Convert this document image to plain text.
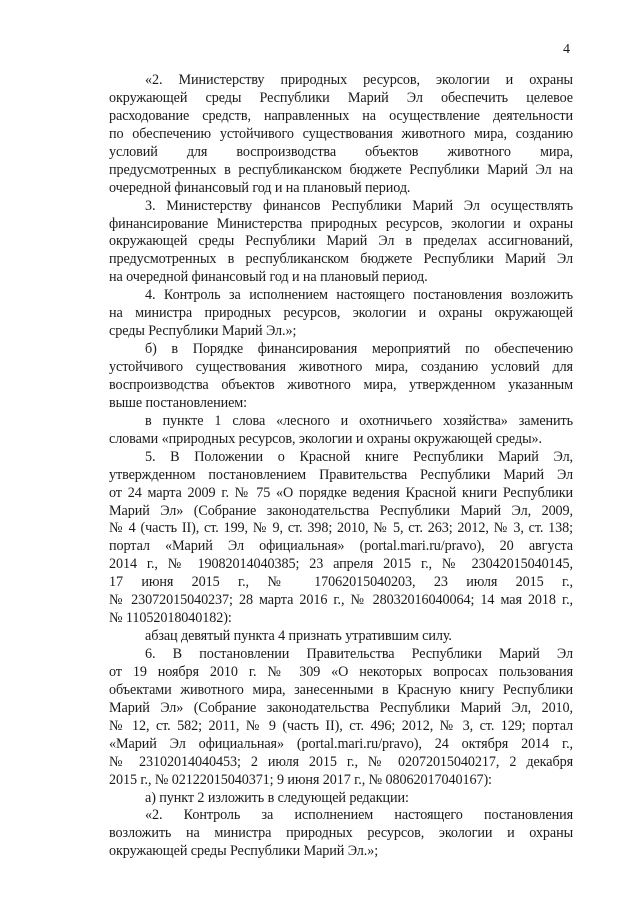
4
«2. Министерству природных ресурсов, экологии и охраны
окружающей среды Республики Марий Эл обеспечить целевое
расходование средств, направленных на осуществление деятельности
по обеспечению устойчивого существования животного мира, созданию
условий для воспроизводства объектов животного мира,
предусмотренных в республиканском бюджете Республики Марий Эл на
очередной финансовый год и на плановый период.
3. Министерству финансов Республики Марий Эл осуществлять
финансирование Министерства природных ресурсов, экологии и охраны
окружающей среды Республики Марий Эл в пределах ассигнований,
предусмотренных в республиканском бюджете Республики Марий Эл
на очередной финансовый год и на плановый период.
4. Контроль за исполнением настоящего постановления возложить
на министра природных ресурсов, экологии и охраны окружающей
среды Республики Марий Эл.»;
б) в Порядке финансирования мероприятий по обеспечению
устойчивого существования животного мира, созданию условий для
воспроизводства объектов животного мира, утвержденном указанным
выше постановлением:
в пункте 1 слова «лесного и охотничьего хозяйства» заменить
словами «природных ресурсов, экологии и охраны окружающей среды».
5. В Положении о Красной книге Республики Марий Эл,
утвержденном постановлением Правительства Республики Марий Эл
от 24 марта 2009 г. № 75 «О порядке ведения Красной книги Республики
Марий Эл» (Собрание законодательства Республики Марий Эл, 2009,
№ 4 (часть II), ст. 199, № 9, ст. 398; 2010, № 5, ст. 263; 2012, № 3, ст. 138;
портал «Марий Эл официальная» (portal.mari.ru/pravo), 20 августа
2014 г., № 19082014040385; 23 апреля 2015 г., № 23042015040145,
17 июня 2015 г., № 17062015040203, 23 июля 2015 г.,
№ 23072015040237; 28 марта 2016 г., № 28032016040064; 14 мая 2018 г.,
№ 11052018040182):
абзац девятый пункта 4 признать утратившим силу.
6. В постановлении Правительства Республики Марий Эл
от 19 ноября 2010 г. № 309 «О некоторых вопросах пользования
объектами животного мира, занесенными в Красную книгу Республики
Марий Эл» (Собрание законодательства Республики Марий Эл, 2010,
№ 12, ст. 582; 2011, № 9 (часть II), ст. 496; 2012, № 3, ст. 129; портал
«Марий Эл официальная» (portal.mari.ru/pravo), 24 октября 2014 г.,
№ 23102014040453; 2 июля 2015 г., № 02072015040217, 2 декабря
2015 г., № 02122015040371; 9 июня 2017 г., № 08062017040167):
а) пункт 2 изложить в следующей редакции:
«2. Контроль за исполнением настоящего постановления
возложить на министра природных ресурсов, экологии и охраны
окружающей среды Республики Марий Эл.»;
